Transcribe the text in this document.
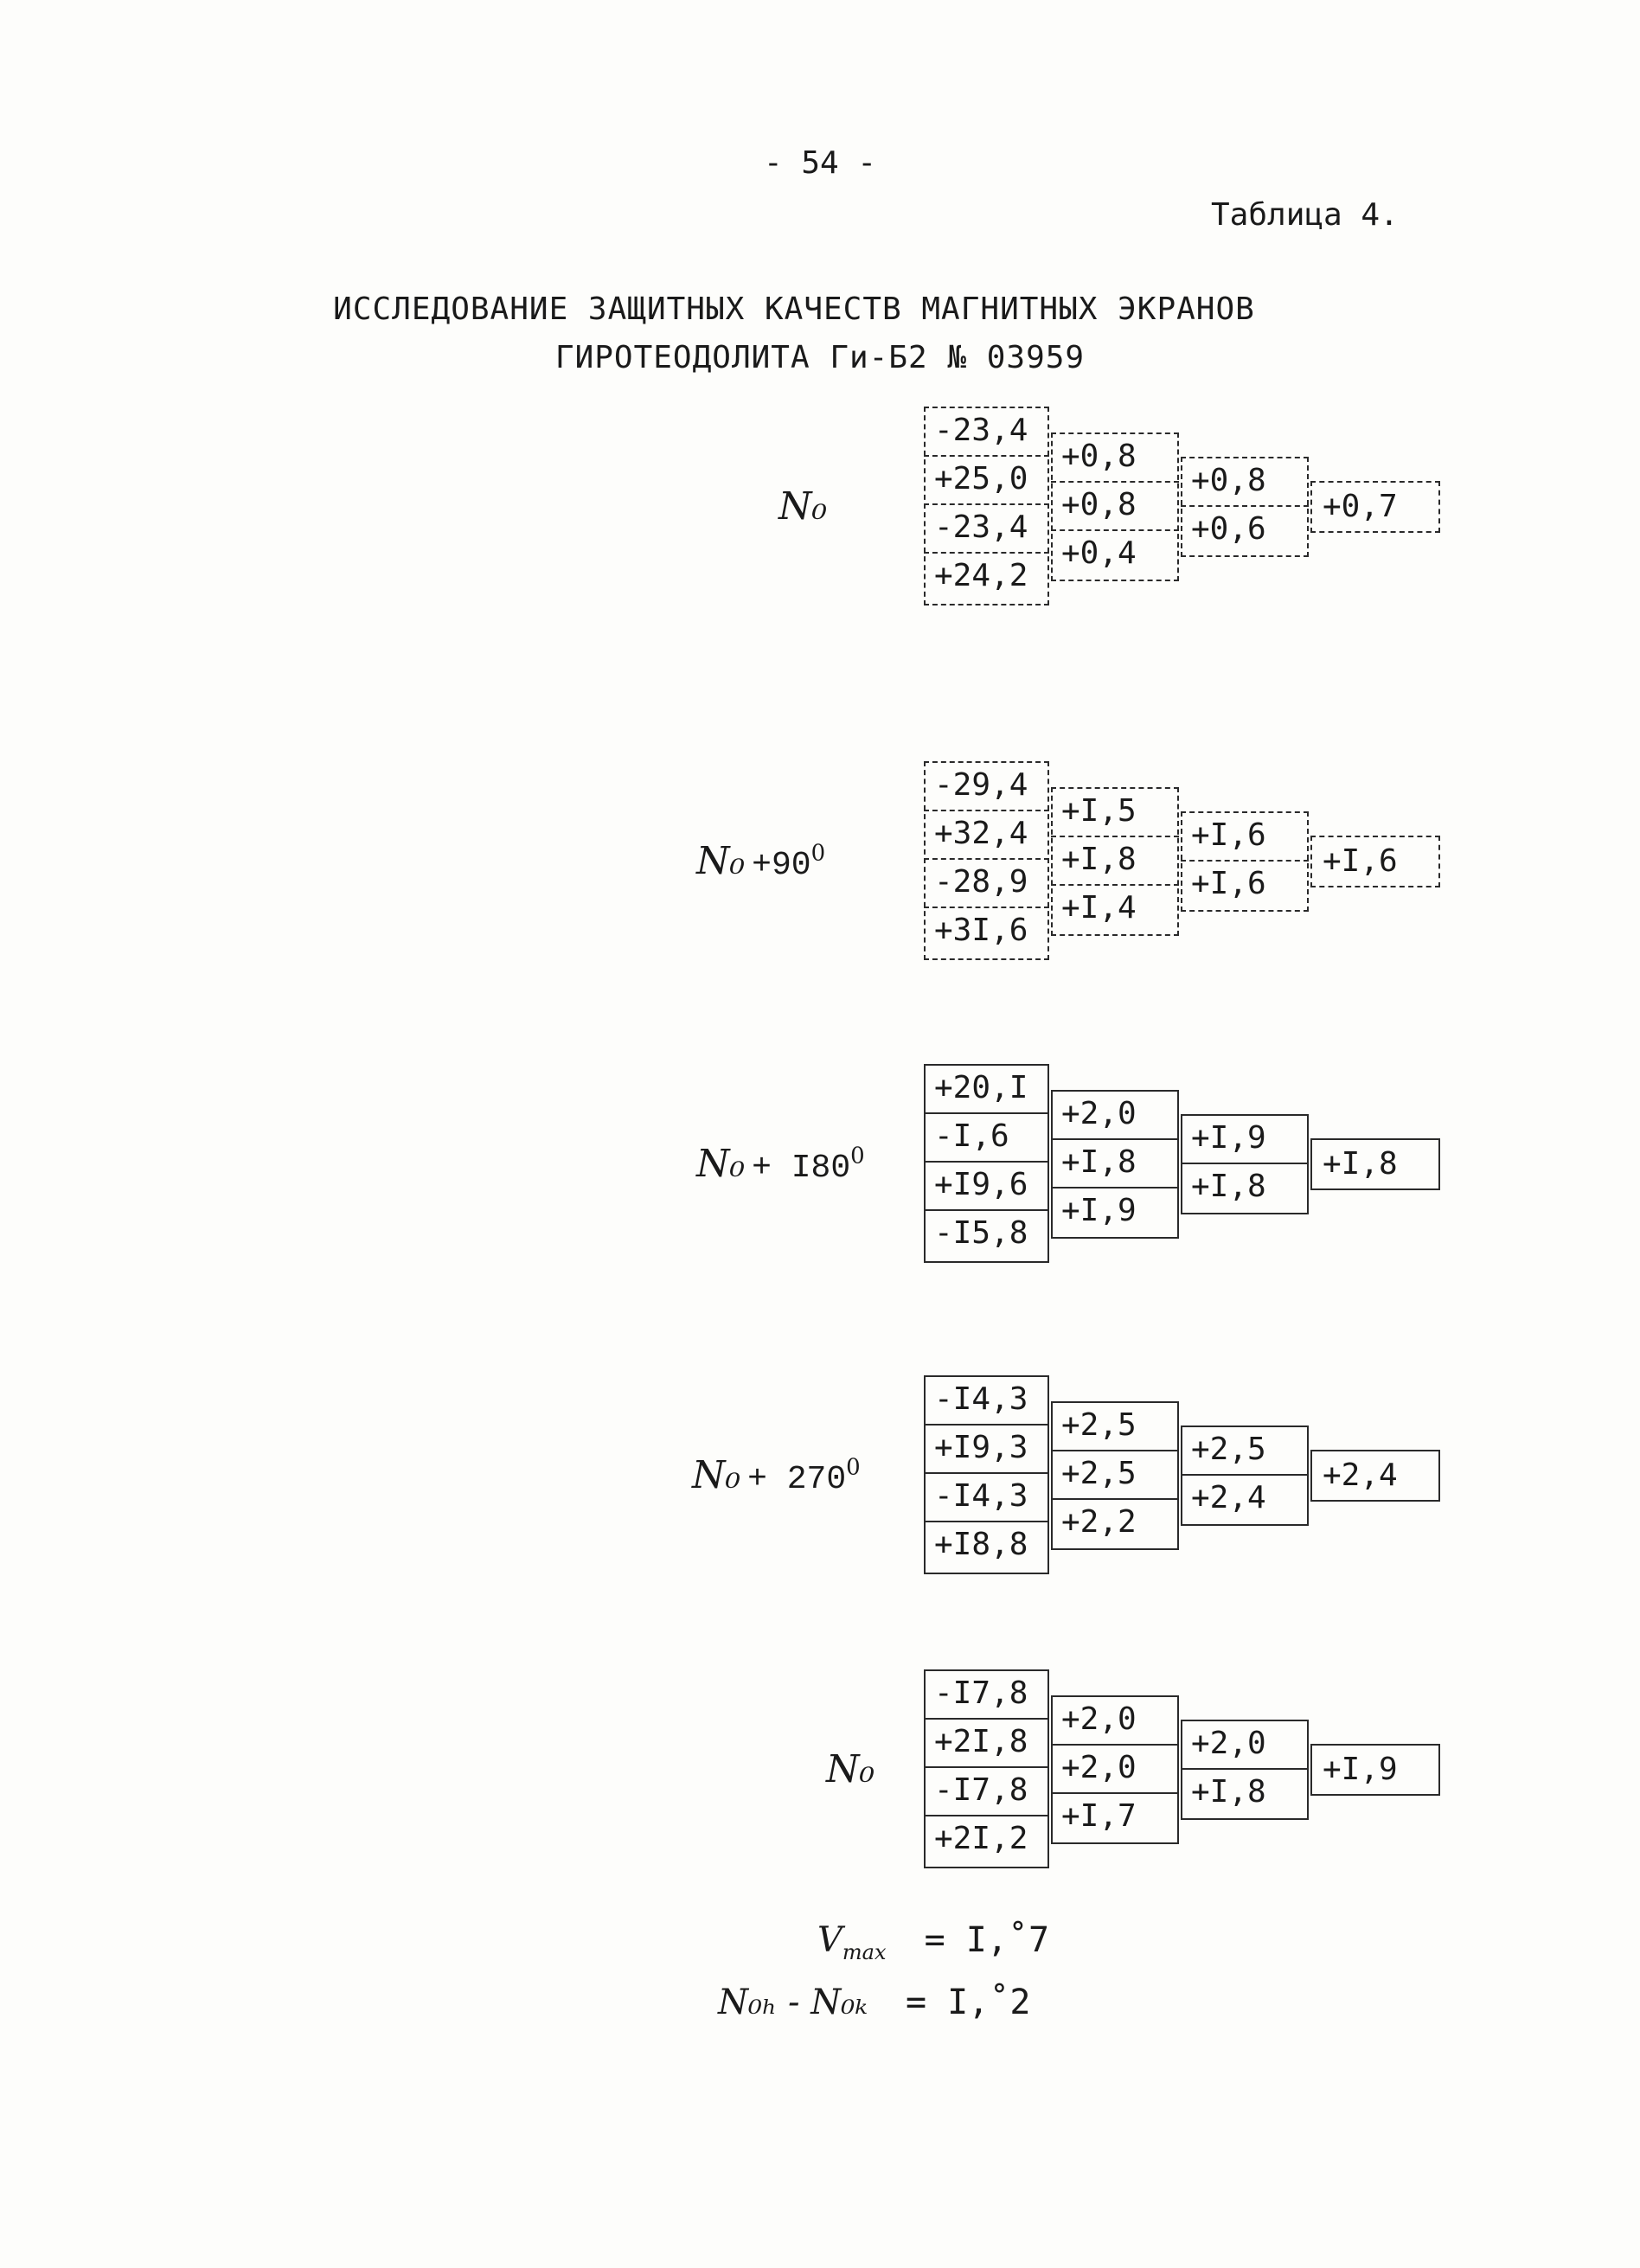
- 54 -
Таблица 4.
ИССЛЕДОВАНИЕ ЗАЩИТНЫХ КАЧЕСТВ МАГНИТНЫХ ЭКРАНОВ
ГИРОТЕОДОЛИТА Ги-Б2 № 03959
N₀
-23,4
+25,0
-23,4
+24,2
+0,8
+0,8
+0,4
+0,8
+0,6
+0,7
$N_0 +90^0$
-29,4
+32,4
-28,9
+3I,6
+I,5
+I,8
+I,4
+I,6
+I,6
+I,6
$N_0 + I80^0$
+20,I
-I,6
+I9,6
-I5,8
+2,0
+I,8
+I,9
+I,9
+I,8
+I,8
$N_0 + 270^0$
-I4,3
+I9,3
-I4,3
+I8,8
+2,5
+2,5
+2,2
+2,5
+2,4
+2,4
N₀
-I7,8
+2I,8
-I7,8
+2I,2
+2,0
+2,0
+I,7
+2,0
+I,8
+I,9
$V_{max}$ = I,˚7
N₀ₕ - N₀ₖ = I,˚2
